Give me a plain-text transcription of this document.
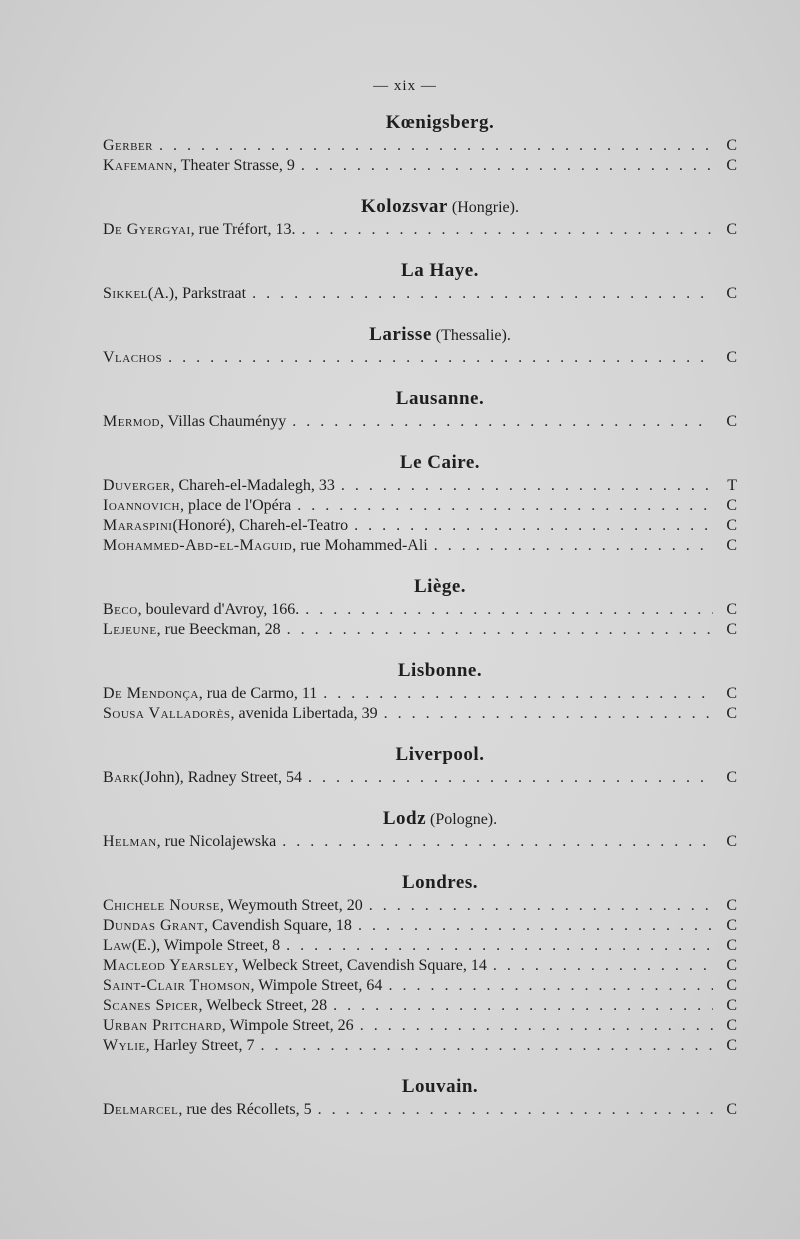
— xix —
Kœnigsberg.
Gerber . . .	C
Kafemann , Theater Strasse, 9 . . .	C
Kolozsvar (Hongrie).
De Gyergyai , rue Tréfort, 13. . . .	C
La Haye.
Sikkel (A.), Parkstraat . . .	C
Larisse (Thessalie).
Vlachos . . .	C
Lausanne.
Mermod , Villas Chauményy . . .	C
Le Caire.
Duverger , Chareh-el-Madalegh, 33 . . .	T
Ioannovich , place de l'Opéra . . .	C
Maraspini (Honoré), Chareh-el-Teatro . . .	C
Mohammed-Abd-el-Maguid , rue Mohammed-Ali . . .	C
Liège.
Beco , boulevard d'Avroy, 166. . . .	C
Lejeune , rue Beeckman, 28 . . .	C
Lisbonne.
De Mendonça , rua de Carmo, 11 . . .	C
Sousa Valladorès , avenida Libertada, 39 . . .	C
Liverpool.
Bark (John), Radney Street, 54 . . .	C
Lodz (Pologne).
Helman , rue Nicolajewska . . .	C
Londres.
Chichele Nourse , Weymouth Street, 20 . . .	C
Dundas Grant , Cavendish Square, 18 . . .	C
Law (E.), Wimpole Street, 8 . . .	C
Macleod Yearsley , Welbeck Street, Cavendish Square, 14 . . .	C
Saint-Clair Thomson , Wimpole Street, 64 . . .	C
Scanes Spicer , Welbeck Street, 28 . . .	C
Urban Pritchard , Wimpole Street, 26 . . .	C
Wylie , Harley Street, 7 . . .	C
Louvain.
Delmarcel , rue des Récollets, 5 . . .	C
